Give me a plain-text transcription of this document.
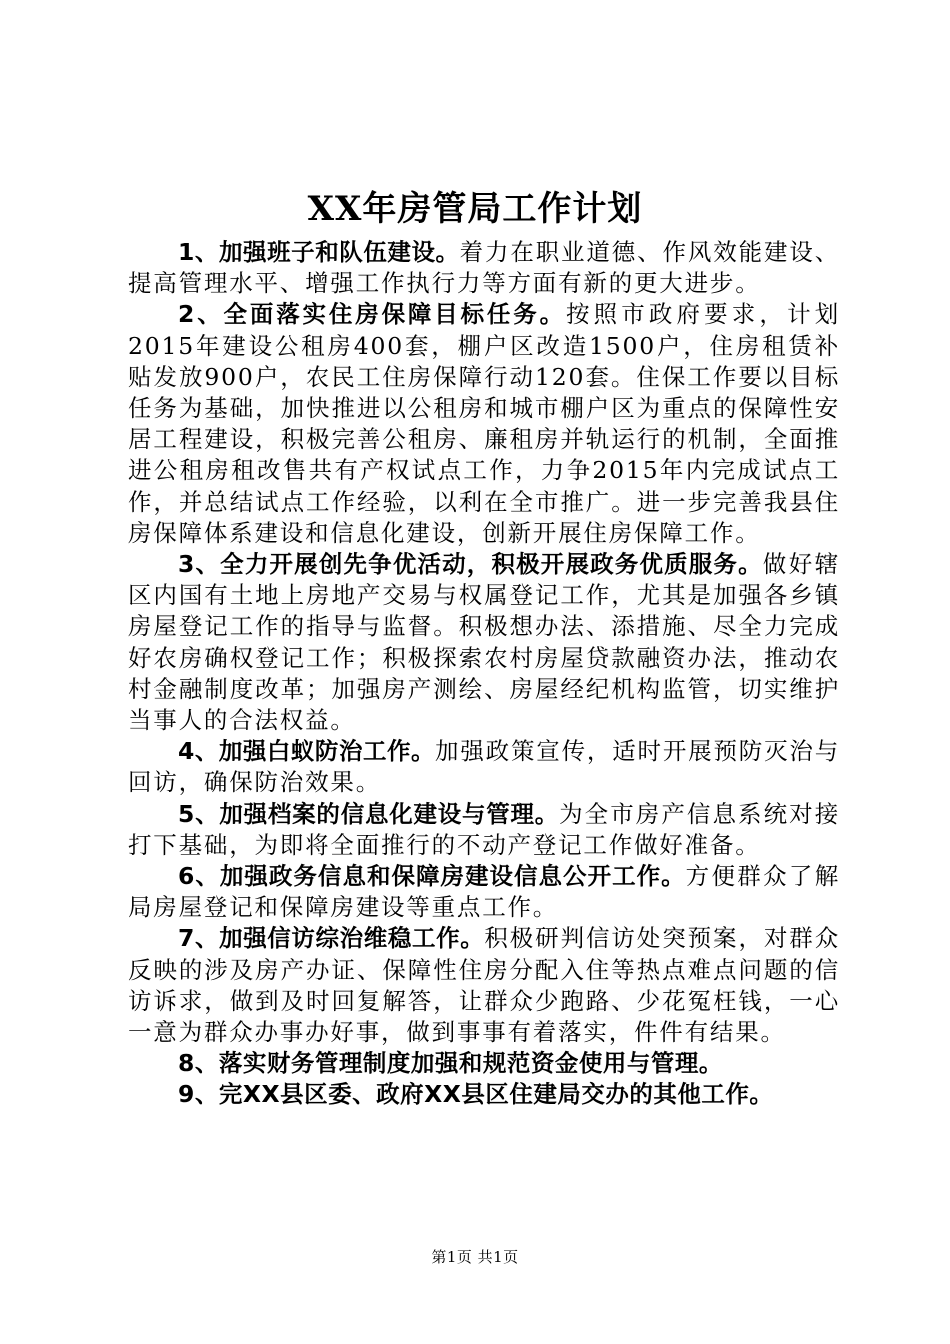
XX年房管局工作计划

1、加强班子和队伍建设。着力在职业道德、作风效能建设、提高管理水平、增强工作执行力等方面有新的更大进步。

2、全面落实住房保障目标任务。按照市政府要求，计划2015年建设公租房400套，棚户区改造1500户，住房租赁补贴发放900户，农民工住房保障行动120套。住保工作要以目标任务为基础，加快推进以公租房和城市棚户区为重点的保障性安居工程建设，积极完善公租房、廉租房并轨运行的机制，全面推进公租房租改售共有产权试点工作，力争2015年内完成试点工作，并总结试点工作经验，以利在全市推广。进一步完善我县住房保障体系建设和信息化建设，创新开展住房保障工作。

3、全力开展创先争优活动，积极开展政务优质服务。做好辖区内国有土地上房地产交易与权属登记工作，尤其是加强各乡镇房屋登记工作的指导与监督。积极想办法、添措施、尽全力完成好农房确权登记工作；积极探索农村房屋贷款融资办法，推动农村金融制度改革；加强房产测绘、房屋经纪机构监管，切实维护当事人的合法权益。

4、加强白蚁防治工作。加强政策宣传，适时开展预防灭治与回访，确保防治效果。

5、加强档案的信息化建设与管理。为全市房产信息系统对接打下基础，为即将全面推行的不动产登记工作做好准备。

6、加强政务信息和保障房建设信息公开工作。方便群众了解局房屋登记和保障房建设等重点工作。

7、加强信访综治维稳工作。积极研判信访处突预案，对群众反映的涉及房产办证、保障性住房分配入住等热点难点问题的信访诉求，做到及时回复解答，让群众少跑路、少花冤枉钱，一心一意为群众办事办好事，做到事事有着落实，件件有结果。

8、落实财务管理制度加强和规范资金使用与管理。

9、完XX县区委、政府XX县区住建局交办的其他工作。

第1页 共1页
